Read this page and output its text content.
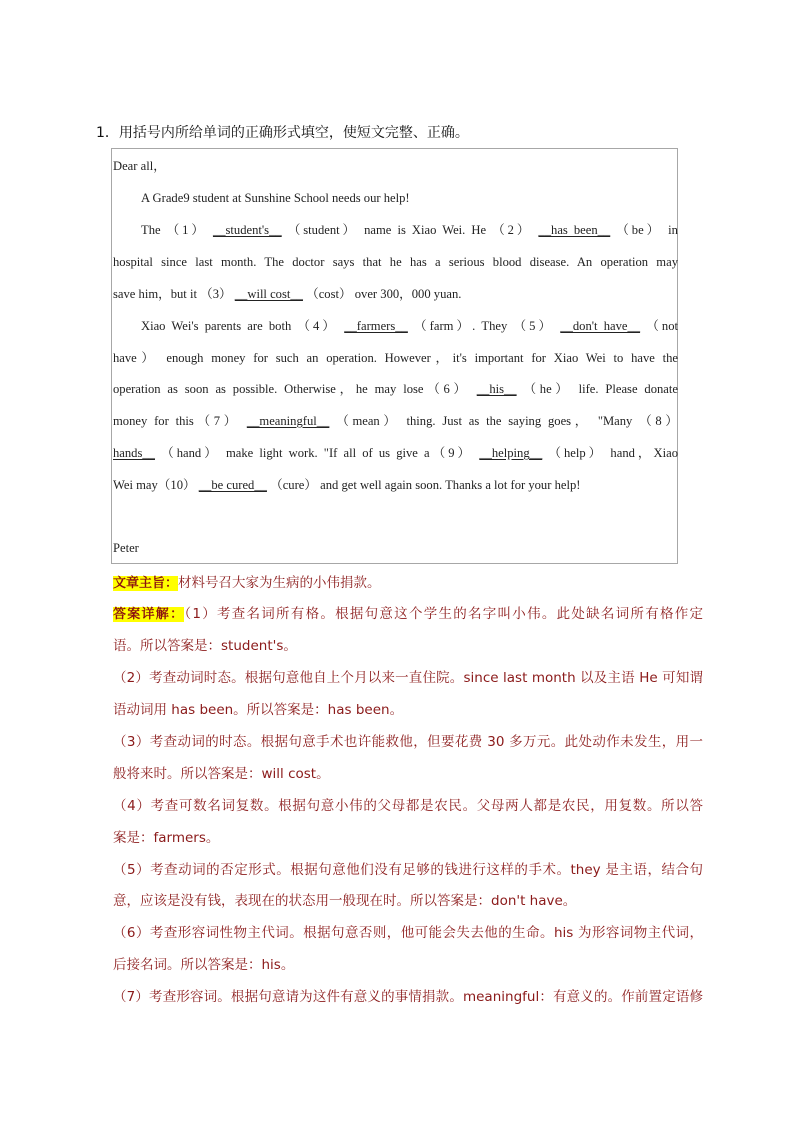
1．用括号内所给单词的正确形式填空，使短文完整、正确。
Dear all，
A Grade9 student at Sunshine School needs our help!
The （1） __student's__ （student） name is Xiao Wei. He （2） __has been__ （be） in
hospital since last month. The doctor says that he has a serious blood disease. An operation may
save him，but it （3） __will cost__ （cost） over 300，000 yuan.
Xiao Wei's parents are both （4） __farmers__ （farm）. They （5） __don't have__ （not
have） enough money for such an operation. However，it's important for Xiao Wei to have the
operation as soon as possible. Otherwise，he may lose（6） __his__ （he） life. Please donate
money for this（7） __meaningful__ （mean） thing. Just as the saying goes， "Many （8）
hands__ （hand） make light work. "If all of us give a（9） __helping__ （help） hand，Xiao
Wei may（10） __be cured__ （cure） and get well again soon. Thanks a lot for your help!
Peter
文章主旨：材料号召大家为生病的小伟捐款。
答案详解：（1）考查名词所有格。根据句意这个学生的名字叫小伟。此处缺名词所有格作定
语。所以答案是：student's。
（2）考查动词时态。根据句意他自上个月以来一直住院。since last month 以及主语 He 可知谓
语动词用 has been。所以答案是：has been。
（3）考查动词的时态。根据句意手术也许能救他，但要花费 30 多万元。此处动作未发生，用一
般将来时。所以答案是：will cost。
（4）考查可数名词复数。根据句意小伟的父母都是农民。父母两人都是农民，用复数。所以答
案是：farmers。
（5）考查动词的否定形式。根据句意他们没有足够的钱进行这样的手术。they 是主语，结合句
意，应该是没有钱，表现在的状态用一般现在时。所以答案是：don't have。
（6）考查形容词性物主代词。根据句意否则，他可能会失去他的生命。his 为形容词物主代词，
后接名词。所以答案是：his。
（7）考查形容词。根据句意请为这件有意义的事情捐款。meaningful：有意义的。作前置定语修
